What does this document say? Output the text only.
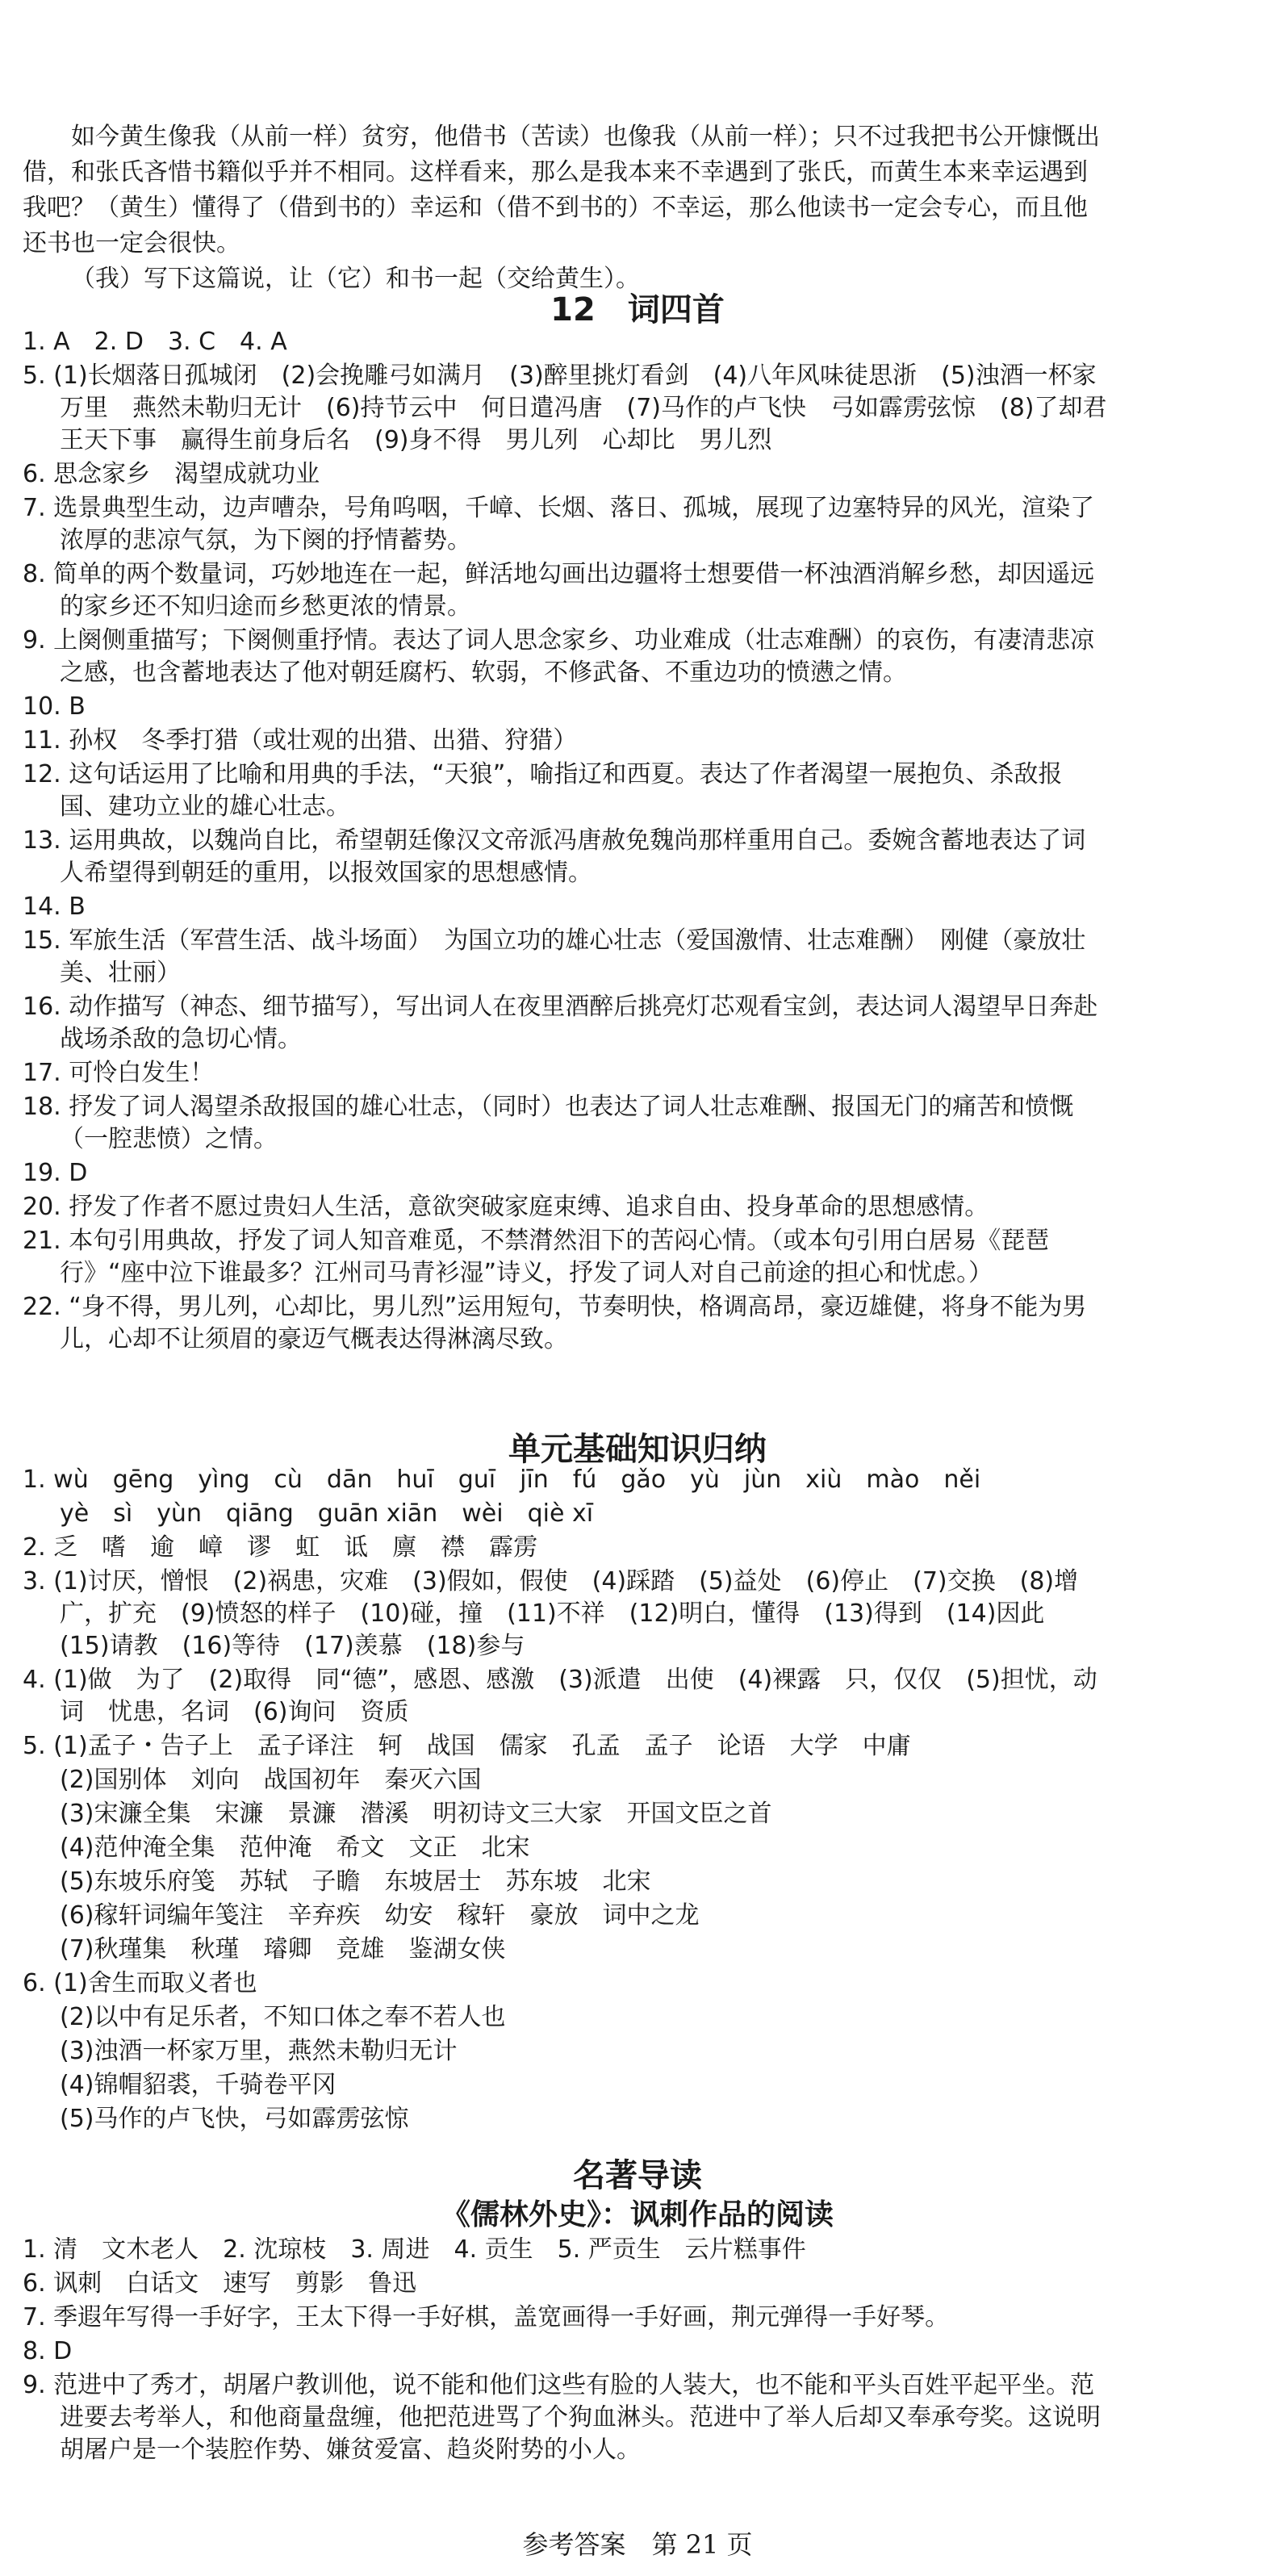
如今黄生像我（从前一样）贫穷，他借书（苦读）也像我（从前一样）；只不过我把书公开慷慨出借，和张氏吝惜书籍似乎并不相同。这样看来，那么是我本来不幸遇到了张氏，而黄生本来幸运遇到我吧？（黄生）懂得了（借到书的）幸运和（借不到书的）不幸运，那么他读书一定会专心，而且他还书也一定会很快。

（我）写下这篇说，让（它）和书一起（交给黄生）。

12　词四首
1. A　2. D　3. C　4. A
5. (1)长烟落日孤城闭　(2)会挽雕弓如满月　(3)醉里挑灯看剑　(4)八年风味徒思浙　(5)浊酒一杯家万里　燕然未勒归无计　(6)持节云中　何日遣冯唐　(7)马作的卢飞快　弓如霹雳弦惊　(8)了却君王天下事　赢得生前身后名　(9)身不得　男儿列　心却比　男儿烈
6. 思念家乡　渴望成就功业
7. 选景典型生动，边声嘈杂，号角呜咽，千嶂、长烟、落日、孤城，展现了边塞特异的风光，渲染了浓厚的悲凉气氛，为下阕的抒情蓄势。
8. 简单的两个数量词，巧妙地连在一起，鲜活地勾画出边疆将士想要借一杯浊酒消解乡愁，却因遥远的家乡还不知归途而乡愁更浓的情景。
9. 上阕侧重描写；下阕侧重抒情。表达了词人思念家乡、功业难成（壮志难酬）的哀伤，有凄清悲凉之感，也含蓄地表达了他对朝廷腐朽、软弱，不修武备、不重边功的愤懑之情。
10. B
11. 孙权　冬季打猎（或壮观的出猎、出猎、狩猎）
12. 这句话运用了比喻和用典的手法，“天狼”，喻指辽和西夏。表达了作者渴望一展抱负、杀敌报国、建功立业的雄心壮志。
13. 运用典故，以魏尚自比，希望朝廷像汉文帝派冯唐赦免魏尚那样重用自己。委婉含蓄地表达了词人希望得到朝廷的重用，以报效国家的思想感情。
14. B
15. 军旅生活（军营生活、战斗场面）　为国立功的雄心壮志（爱国激情、壮志难酬）　刚健（豪放壮美、壮丽）
16. 动作描写（神态、细节描写），写出词人在夜里酒醉后挑亮灯芯观看宝剑，表达词人渴望早日奔赴战场杀敌的急切心情。
17. 可怜白发生！
18. 抒发了词人渴望杀敌报国的雄心壮志，（同时）也表达了词人壮志难酬、报国无门的痛苦和愤慨（一腔悲愤）之情。
19. D
20. 抒发了作者不愿过贵妇人生活，意欲突破家庭束缚、追求自由、投身革命的思想感情。
21. 本句引用典故，抒发了词人知音难觅，不禁潸然泪下的苦闷心情。（或本句引用白居易《琵琶行》“座中泣下谁最多？江州司马青衫湿”诗义，抒发了词人对自己前途的担心和忧虑。）
22. “身不得，男儿列，心却比，男儿烈”运用短句，节奏明快，格调高昂，豪迈雄健，将身不能为男儿，心却不让须眉的豪迈气概表达得淋漓尽致。
单元基础知识归纳
1. wù　gēng　yìng　cù　dān　huī　guī　jīn　fú　gǎo　yù　jùn　xiù　mào　něi
yè　sì　yùn　qiāng　guān xiān　wèi　qiè xī
2. 乏　嗜　逾　嶂　谬　虹　诋　廪　襟　霹雳
3. (1)讨厌，憎恨　(2)祸患，灾难　(3)假如，假使　(4)踩踏　(5)益处　(6)停止　(7)交换　(8)增广，扩充　(9)愤怒的样子　(10)碰，撞　(11)不祥　(12)明白，懂得　(13)得到　(14)因此　(15)请教　(16)等待　(17)羡慕　(18)参与
4. (1)做　为了　(2)取得　同“德”，感恩、感激　(3)派遣　出使　(4)裸露　只，仅仅　(5)担忧，动词　忧患，名词　(6)询问　资质
5. (1)孟子・告子上　孟子译注　轲　战国　儒家　孔孟　孟子　论语　大学　中庸
(2)国别体　刘向　战国初年　秦灭六国
(3)宋濂全集　宋濂　景濂　潜溪　明初诗文三大家　开国文臣之首
(4)范仲淹全集　范仲淹　希文　文正　北宋
(5)东坡乐府笺　苏轼　子瞻　东坡居士　苏东坡　北宋
(6)稼轩词编年笺注　辛弃疾　幼安　稼轩　豪放　词中之龙
(7)秋瑾集　秋瑾　璿卿　竞雄　鉴湖女侠
6. (1)舍生而取义者也
(2)以中有足乐者，不知口体之奉不若人也
(3)浊酒一杯家万里，燕然未勒归无计
(4)锦帽貂裘，千骑卷平冈
(5)马作的卢飞快，弓如霹雳弦惊
名著导读
《儒林外史》：讽刺作品的阅读
1. 清　文木老人　2. 沈琼枝　3. 周进　4. 贡生　5. 严贡生　云片糕事件
6. 讽刺　白话文　速写　剪影　鲁迅
7. 季遐年写得一手好字，王太下得一手好棋，盖宽画得一手好画，荆元弹得一手好琴。
8. D
9. 范进中了秀才，胡屠户教训他，说不能和他们这些有脸的人装大，也不能和平头百姓平起平坐。范进要去考举人，和他商量盘缠，他把范进骂了个狗血淋头。范进中了举人后却又奉承夸奖。这说明胡屠户是一个装腔作势、嫌贫爱富、趋炎附势的小人。
参考答案　第 21 页
